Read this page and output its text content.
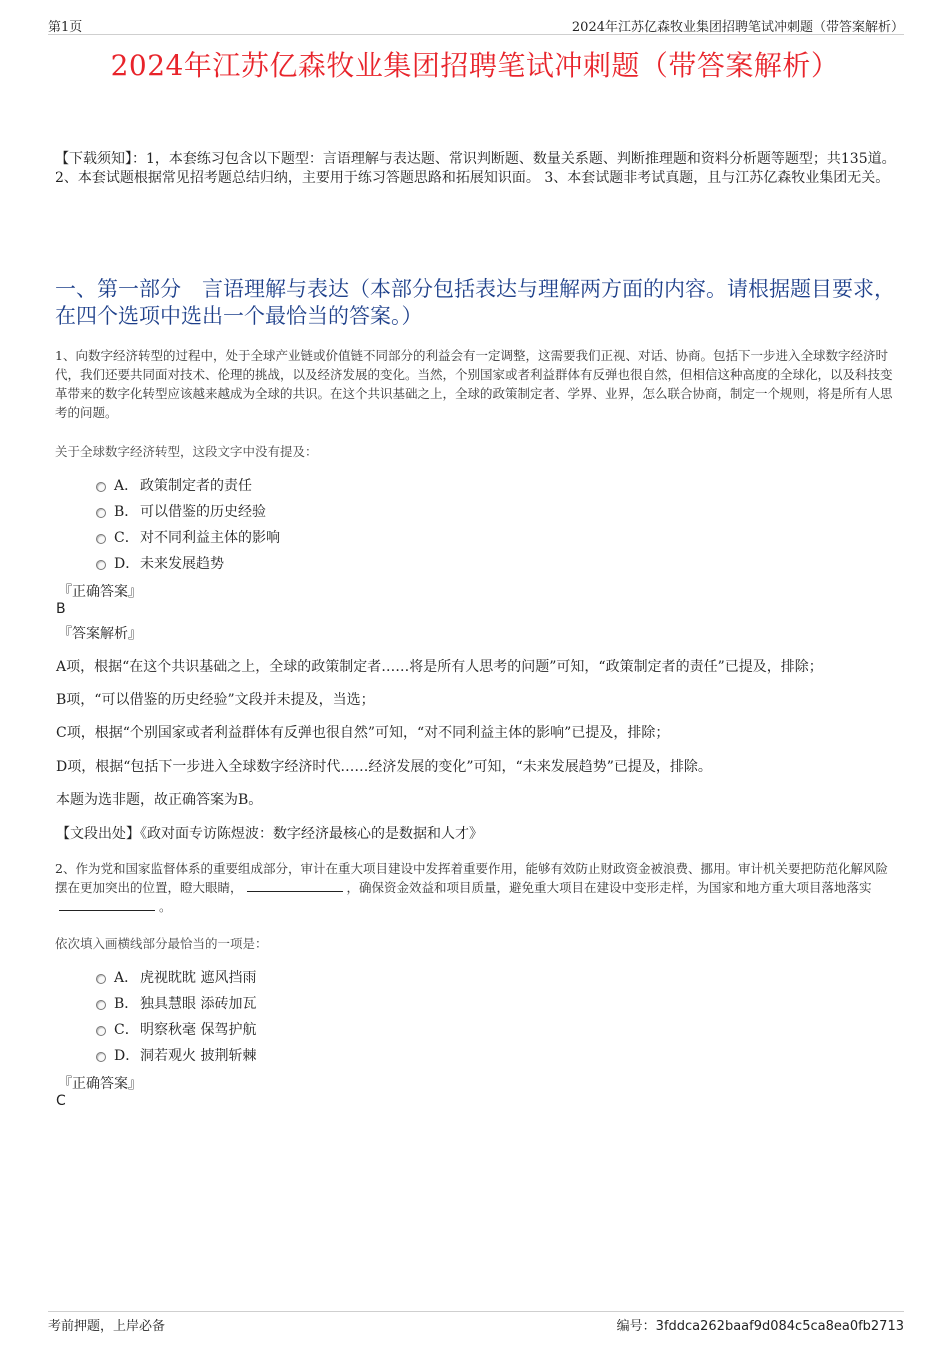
第1页	2024年江苏亿森牧业集团招聘笔试冲刺题（带答案解析）
2024年江苏亿森牧业集团招聘笔试冲刺题（带答案解析）
【下载须知】：1，本套练习包含以下题型：言语理解与表达题、常识判断题、数量关系题、判断推理题和资料分析题等题型；共135道。 2、本套试题根据常见招考题总结归纳，主要用于练习答题思路和拓展知识面。 3、本套试题非考试真题，且与江苏亿森牧业集团无关。
一、第一部分　言语理解与表达（本部分包括表达与理解两方面的内容。请根据题目要求，在四个选项中选出一个最恰当的答案。）
1、向数字经济转型的过程中，处于全球产业链或价值链不同部分的利益会有一定调整，这需要我们正视、对话、协商。包括下一步进入全球数字经济时代，我们还要共同面对技术、伦理的挑战，以及经济发展的变化。当然，个别国家或者利益群体有反弹也很自然，但相信这种高度的全球化，以及科技变革带来的数字化转型应该越来越成为全球的共识。在这个共识基础之上，全球的政策制定者、学界、业界，怎么联合协商，制定一个规则，将是所有人思考的问题。
关于全球数字经济转型，这段文字中没有提及：
A． 政策制定者的责任
B． 可以借鉴的历史经验
C． 对不同利益主体的影响
D． 未来发展趋势
『正确答案』
B
『答案解析』
A项，根据“在这个共识基础之上，全球的政策制定者……将是所有人思考的问题”可知，“政策制定者的责任”已提及，排除；
B项，“可以借鉴的历史经验”文段并未提及，当选；
C项，根据“个别国家或者利益群体有反弹也很自然”可知，“对不同利益主体的影响”已提及，排除；
D项，根据“包括下一步进入全球数字经济时代……经济发展的变化”可知，“未来发展趋势”已提及，排除。
本题为选非题，故正确答案为B。
【文段出处】《政对面专访陈煜波：数字经济最核心的是数据和人才》
2、作为党和国家监督体系的重要组成部分，审计在重大项目建设中发挥着重要作用，能够有效防止财政资金被浪费、挪用。审计机关要把防范化解风险摆在更加突出的位置，瞪大眼睛，	，确保资金效益和项目质量，避免重大项目在建设中变形走样，为国家和地方重大项目落地落实。
依次填入画横线部分最恰当的一项是：
A． 虎视眈眈 遮风挡雨
B． 独具慧眼 添砖加瓦
C． 明察秋毫 保驾护航
D． 洞若观火 披荆斩棘
『正确答案』
C
考前押题，上岸必备	编号：3fddca262baaf9d084c5ca8ea0fb2713
